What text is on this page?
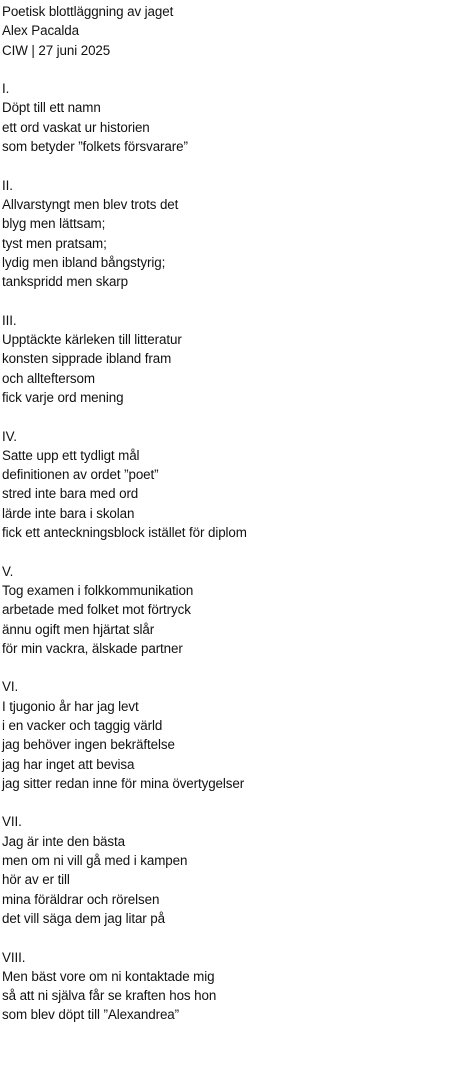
Poetisk blottläggning av jaget
Alex Pacalda
CIW | 27 juni 2025
I.
Döpt till ett namn
ett ord vaskat ur historien
som betyder ”folkets försvarare”
II.
Allvarstyngt men blev trots det
blyg men lättsam;
tyst men pratsam;
lydig men ibland bångstyrig;
tankspridd men skarp
III.
Upptäckte kärleken till litteratur
konsten sipprade ibland fram
och allteftersom
fick varje ord mening
IV.
Satte upp ett tydligt mål
definitionen av ordet ”poet”
stred inte bara med ord
lärde inte bara i skolan
fick ett anteckningsblock istället för diplom
V.
Tog examen i folkkommunikation
arbetade med folket mot förtryck
ännu ogift men hjärtat slår
för min vackra, älskade partner
VI.
I tjugonio år har jag levt
i en vacker och taggig värld
jag behöver ingen bekräftelse
jag har inget att bevisa
jag sitter redan inne för mina övertygelser
VII.
Jag är inte den bästa
men om ni vill gå med i kampen
hör av er till
mina föräldrar och rörelsen
det vill säga dem jag litar på
VIII.
Men bäst vore om ni kontaktade mig
så att ni själva får se kraften hos hon
som blev döpt till ”Alexandrea”
